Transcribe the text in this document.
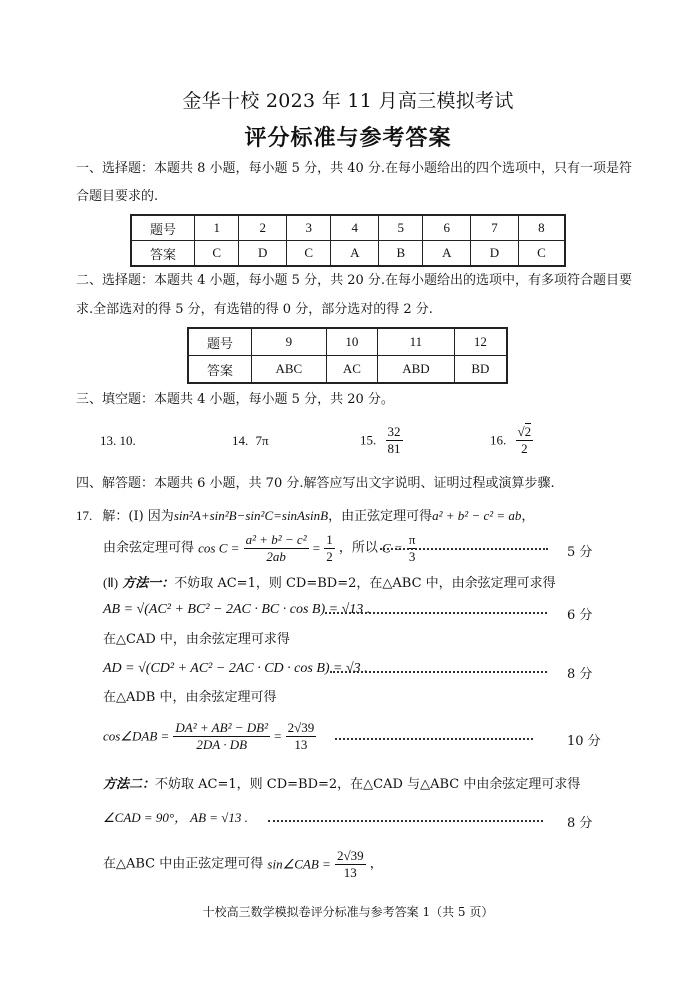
金华十校 2023 年 11 月高三模拟考试
评分标准与参考答案
一、选择题：本题共 8 小题，每小题 5 分，共 40 分.在每小题给出的四个选项中，只有一项是符
合题目要求的.
题号	1	2	3	4	5	6	7	8
答案	C	D	C	A	B	A	D	C
二、选择题：本题共 4 小题，每小题 5 分，共 20 分.在每小题给出的选项中，有多项符合题目要
求.全部选对的得 5 分，有选错的得 0 分，部分选对的得 2 分.
题号	9	10	11	12
答案	ABC	AC	ABD	BD
三、填空题：本题共 4 小题，每小题 5 分，共 20 分。
13. 10.	14. 7π	15. $\frac{32}{81}$	16. $\frac{√2}{2}$
四、解答题：本题共 6 小题，共 70 分.解答应写出文字说明、证明过程或演算步骤.
17. 解：(Ⅰ) 因为sin²A+sin²B−sin²C=sinAsinB，由正弦定理可得a² + b² − c² = ab，
由余弦定理可得 $\cos C = \frac{\text{a² + b² − c²}}{2ab} = \frac{1}{2}$ ，所以 $C = \frac{\pi}{3}$	5 分
(Ⅱ) 方法一：不妨取 AC=1，则 CD=BD=2，在△ABC 中，由余弦定理可求得
AB = √(AC² + BC² − 2AC · BC · cos B) = √13 .	6 分
在△CAD 中，由余弦定理可求得
AD = √(CD² + AC² − 2AC · CD · cos B) = √3 .	8 分
在△ADB 中，由余弦定理可得
cos∠DAB = $\frac{\text{DA² + AB² − DB²}}{2DA \cdot DB} = \frac{2√39}{13}$	10 分
方法二：不妨取 AC=1，则 CD=BD=2，在△CAD 与△ABC 中由余弦定理可求得
∠CAD = 90°， AB = √13 .	8 分
在△ABC 中由正弦定理可得 sin∠CAB = $\frac{2√39}{13}$ ，
十校高三数学模拟卷评分标准与参考答案 1（共 5 页）
